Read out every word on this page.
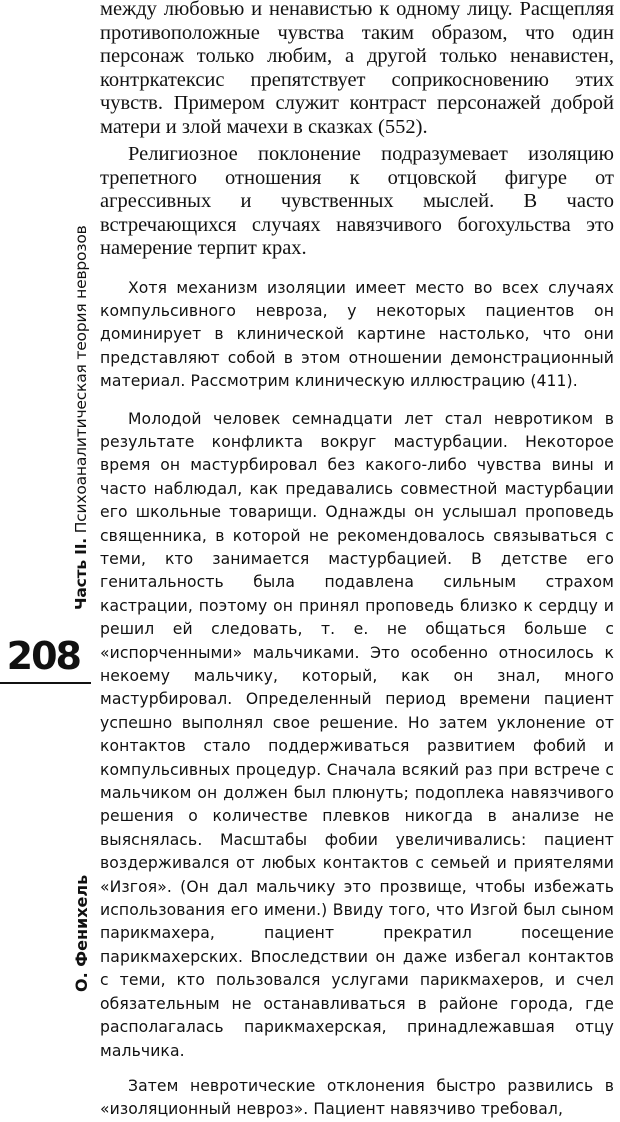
Часть II. Психоаналитическая теория неврозов
208
О. Фенихель

между любовью и ненавистью к одному лицу. Расщепляя противоположные чувства таким образом, что один персонаж только любим, а другой только ненавистен, контркатексис препятствует соприкосновению этих чувств. Примером служит контраст персонажей доброй матери и злой мачехи в сказках (552).

Религиозное поклонение подразумевает изоляцию трепетного отношения к отцовской фигуре от агрессивных и чувственных мыслей. В часто встречающихся случаях навязчивого богохульства это намерение терпит крах.

Хотя механизм изоляции имеет место во всех случаях компульсивного невроза, у некоторых пациентов он доминирует в клинической картине настолько, что они представляют собой в этом отношении демонстрационный материал. Рассмотрим клиническую иллюстрацию (411).

Молодой человек семнадцати лет стал невротиком в результате конфликта вокруг мастурбации. Некоторое время он мастурбировал без какого-либо чувства вины и часто наблюдал, как предавались совместной мастурбации его школьные товарищи. Однажды он услышал проповедь священника, в которой не рекомендовалось связываться с теми, кто занимается мастурбацией. В детстве его генитальность была подавлена сильным страхом кастрации, поэтому он принял проповедь близко к сердцу и решил ей следовать, т. е. не общаться больше с «испорченными» мальчиками. Это особенно относилось к некоему мальчику, который, как он знал, много мастурбировал. Определенный период времени пациент успешно выполнял свое решение. Но затем уклонение от контактов стало поддерживаться развитием фобий и компульсивных процедур. Сначала всякий раз при встрече с мальчиком он должен был плюнуть; подоплека навязчивого решения о количестве плевков никогда в анализе не выяснялась. Масштабы фобии увеличивались: пациент воздерживался от любых контактов с семьей и приятелями «Изгоя». (Он дал мальчику это прозвище, чтобы избежать использования его имени.) Ввиду того, что Изгой был сыном парикмахера, пациент прекратил посещение парикмахерских. Впоследствии он даже избегал контактов с теми, кто пользовался услугами парикмахеров, и счел обязательным не останавливаться в районе города, где располагалась парикмахерская, принадлежавшая отцу мальчика.

Затем невротические отклонения быстро развились в «изоляционный невроз». Пациент навязчиво требовал,
